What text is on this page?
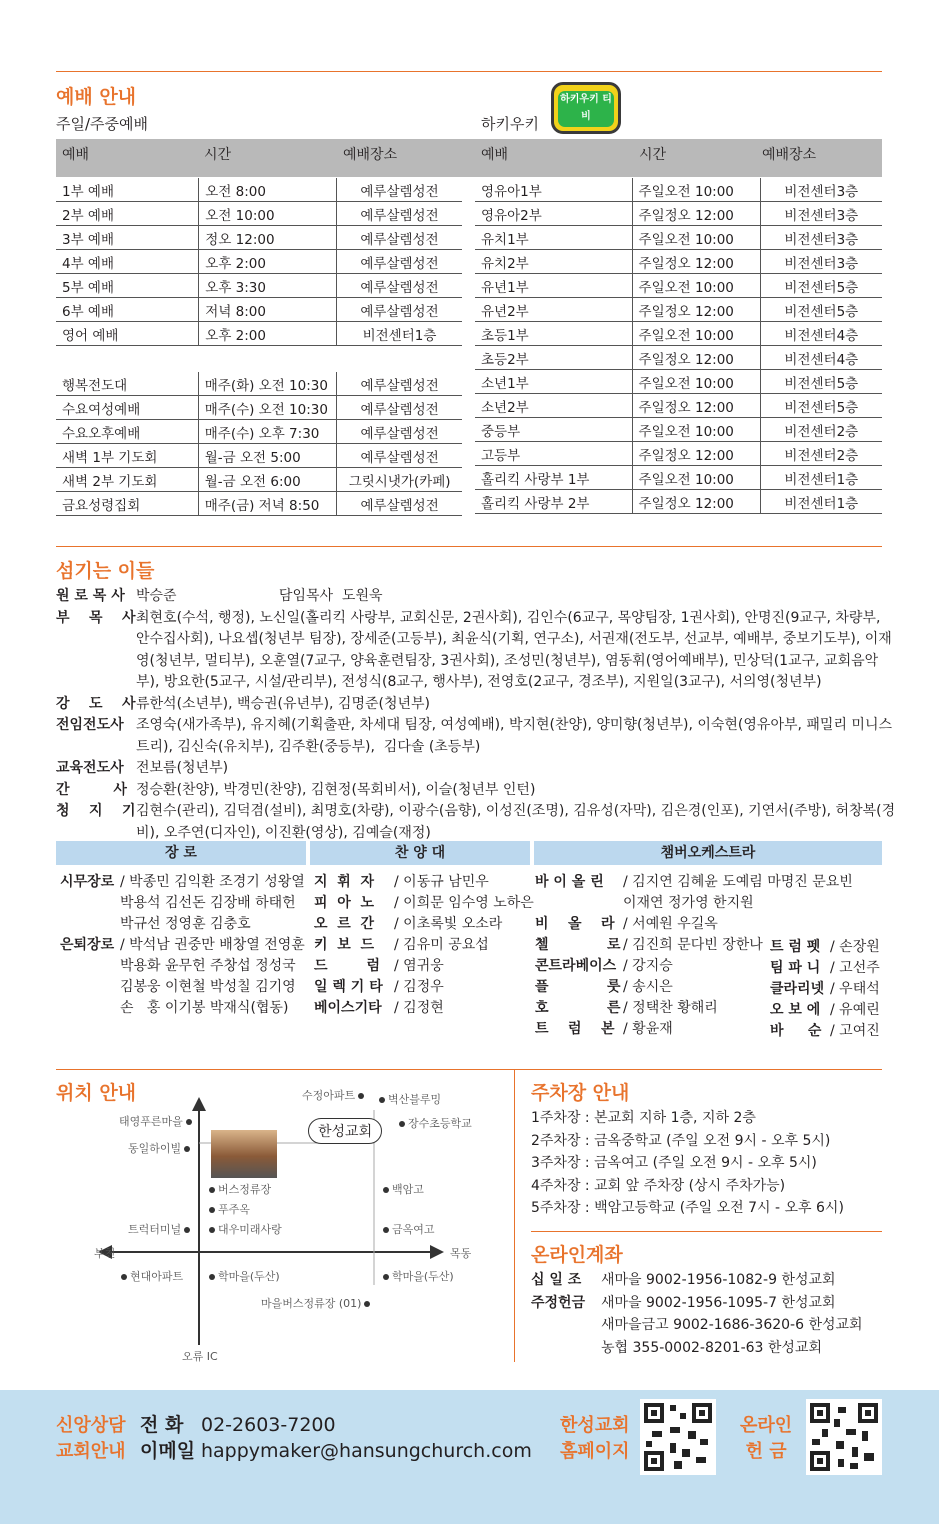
예배 안내
주일/주중예배	하키우키
하키우키 티비
예배	시간	예배장소	예배	시간	예배장소
1부 예배	오전 8:00	예루살렘성전
2부 예배	오전 10:00	예루살렘성전
3부 예배	정오 12:00	예루살렘성전
4부 예배	오후 2:00	예루살렘성전
5부 예배	오후 3:30	예루살렘성전
6부 예배	저녁 8:00	예루살렘성전
영어 예배	오후 2:00	비전센터1층
행복전도대	매주(화) 오전 10:30	예루살렘성전
수요여성예배	매주(수) 오전 10:30	예루살렘성전
수요오후예배	매주(수) 오후 7:30	예루살렘성전
새벽 1부 기도회	월-금 오전 5:00	예루살렘성전
새벽 2부 기도회	월-금 오전 6:00	그릿시냇가(카페)
금요성령집회	매주(금) 저녁 8:50	예루살렘성전
영유아1부	주일오전 10:00	비전센터3층
영유아2부	주일정오 12:00	비전센터3층
유치1부	주일오전 10:00	비전센터3층
유치2부	주일정오 12:00	비전센터3층
유년1부	주일오전 10:00	비전센터5층
유년2부	주일정오 12:00	비전센터5층
초등1부	주일오전 10:00	비전센터4층
초등2부	주일정오 12:00	비전센터4층
소년1부	주일오전 10:00	비전센터5층
소년2부	주일정오 12:00	비전센터5층
중등부	주일오전 10:00	비전센터2층
고등부	주일정오 12:00	비전센터2층
홀리킥 사랑부 1부	주일오전 10:00	비전센터1층
홀리킥 사랑부 2부	주일정오 12:00	비전센터1층
섬기는 이들
원 로 목 사 박승준                       담임목사  도원욱
부    목    사 최현호(수석, 행정), 노신일(홀리킥 사랑부, 교회신문, 2권사회), 김인수(6교구, 목양팀장, 1권사회), 안명진(9교구, 차량부, 안수집사회), 나요셉(청년부 팀장), 장세준(고등부), 최윤식(기획, 연구소), 서권재(전도부, 선교부, 예배부, 중보기도부), 이재영(청년부, 멀티부), 오훈열(7교구, 양육훈련팀장, 3권사회), 조성민(청년부), 염동휘(영어예배부), 민상덕(1교구, 교회음악부), 방요한(5교구, 시설/관리부), 전성식(8교구, 행사부), 전영호(2교구, 경조부), 지원일(3교구), 서의영(청년부)
강    도    사 류한석(소년부), 백승권(유년부), 김명준(청년부)
전임전도사 조영숙(새가족부), 유지혜(기획출판, 차세대 팀장, 여성예배), 박지현(찬양), 양미향(청년부), 이숙현(영유아부, 패밀리 미니스트리), 김신숙(유치부), 김주환(중등부),  김다솔 (초등부)
교육전도사 전보름(청년부)
간         사 정승환(찬양), 박경민(찬양), 김현정(목회비서), 이슬(청년부 인턴)
청    지    기 김현수(관리), 김덕겸(설비), 최명호(차량), 이광수(음향), 이성진(조명), 김유성(자막), 김은경(인포), 기연서(주방), 허창복(경비), 오주연(디자인), 이진환(영상), 김예슬(재정)
장 로	찬 양 대	챔버오케스트라
시무장로 / 박종민 김익환 조경기 성왕열
박용석 김선돈 김장배 하태헌
박규선 정영훈 김충호
은퇴장로 / 박석남 권중만 배창열 전영훈
박용화 윤무헌 주창섭 정성국
김봉웅 이현철 박성칠 김기영
손   홍 이기봉 박재식(협동)
지  휘  자 / 이동규 남민우
피  아  노 / 이희문 임수영 노하은
오  르  간 / 이초록빛 오소라
키  보  드 / 김유미 공요섭
드        럼 / 염귀웅
일 렉 기 타 / 김정우
베이스기타 / 김정현
바 이 올 린 / 김지연 김혜윤 도예림 마명진 문요빈
이재연 정가영 한지원
비    올    라 / 서예원 우길옥
첼            로 / 김진희 문다빈 장한나
콘트라베이스 / 강지승
플            룻 / 송시은
호            른 / 정택찬 황해리
트    럼    본 / 황윤재
트 럼 펫 / 손장원
팀 파 니 / 고선주
클라리넷 / 우태석
오 보 에 / 유예린
바     순 / 고여진
위치 안내
한성교회
수정아파트	벽산블루밍
태영푸른마을	장수초등학교
동일하이빌
백암고
버스정류장
푸주옥
트럭터미널	대우미래사랑	금옥여고
부천	목동
현대아파트	학마을(두산)	학마을(두산)
마을버스정류장 (01)
오류 IC
주차장 안내
1주차장 : 본교회 지하 1층, 지하 2층
2주차장 : 금옥중학교 (주일 오전 9시 - 오후 5시)
3주차장 : 금옥여고 (주일 오전 9시 - 오후 5시)
4주차장 : 교회 앞 주차장 (상시 주차가능)
5주차장 : 백암고등학교 (주일 오전 7시 - 오후 6시)
온라인계좌
십 일 조 새마을 9002-1956-1082-9 한성교회
주정헌금 새마을 9002-1956-1095-7 한성교회
새마을금고 9002-1686-3620-6 한성교회
농협 355-0002-8201-63 한성교회
신앙상담
교회안내
전 화
이메일
02-2603-7200
happymaker@hansungchurch.com
한성교회
홈페이지
온라인
헌 금
